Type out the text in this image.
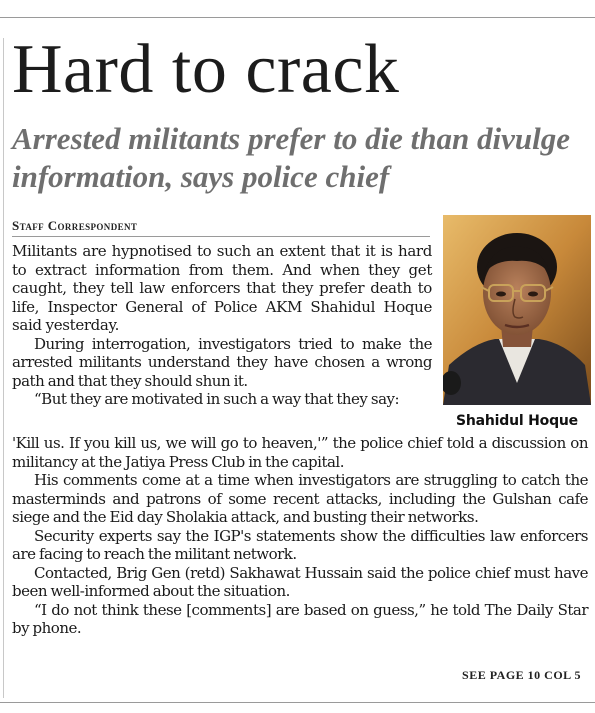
Hard to crack
Arrested militants prefer to die than divulge information, says police chief
Staff Correspondent

Shahidul Hoque

Militants are hypnotised to such an extent that it is hard to extract information from them. And when they get caught, they tell law enforcers that they prefer death to life, Inspector General of Police AKM Shahidul Hoque said yesterday.

During interrogation, investigators tried to make the arrested militants understand they have chosen a wrong path and that they should shun it.

“But they are motivated in such a way that they say:

'Kill us. If you kill us, we will go to heaven,'” the police chief told a discussion on militancy at the Jatiya Press Club in the capital.

His comments come at a time when investigators are struggling to catch the masterminds and patrons of some recent attacks, including the Gulshan cafe siege and the Eid day Sholakia attack, and busting their networks.

Security experts say the IGP's statements show the difficulties law enforcers are facing to reach the militant network.

Contacted, Brig Gen (retd) Sakhawat Hussain said the police chief must have been well-informed about the situation.

“I do not think these [comments] are based on guess,” he told The Daily Star by phone.

SEE PAGE 10 COL 5
